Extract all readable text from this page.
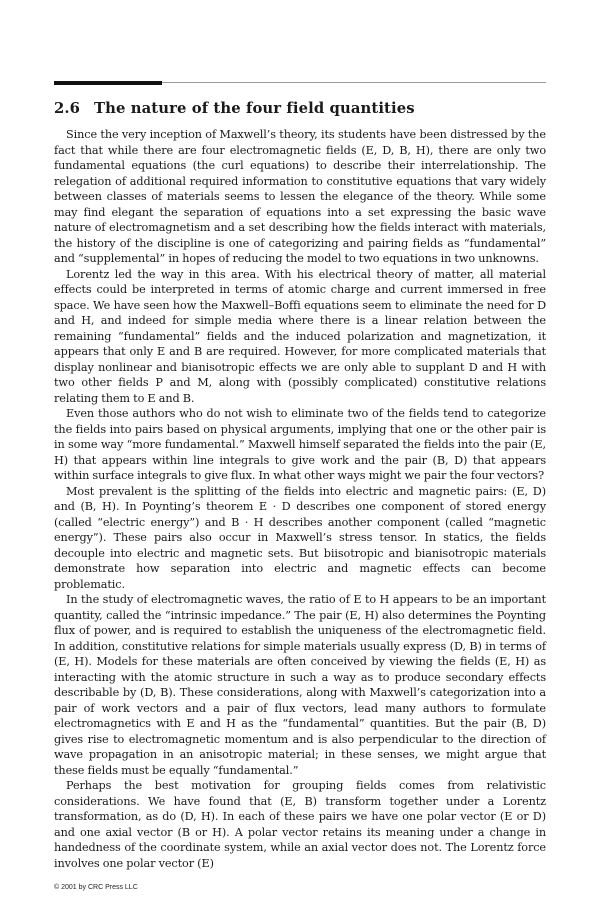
2.6 The nature of the four field quantities

Since the very inception of Maxwell’s theory, its students have been distressed by the fact that while there are four electromagnetic fields (E, D, B, H), there are only two fundamental equations (the curl equations) to describe their interrelationship. The relegation of additional required information to constitutive equations that vary widely between classes of materials seems to lessen the elegance of the theory. While some may find elegant the separation of equations into a set expressing the basic wave nature of electromagnetism and a set describing how the fields interact with materials, the history of the discipline is one of categorizing and pairing fields as “fundamental” and “supplemental” in hopes of reducing the model to two equations in two unknowns.

Lorentz led the way in this area. With his electrical theory of matter, all material effects could be interpreted in terms of atomic charge and current immersed in free space. We have seen how the Maxwell–Boffi equations seem to eliminate the need for D and H, and indeed for simple media where there is a linear relation between the remaining “fundamental” fields and the induced polarization and magnetization, it appears that only E and B are required. However, for more complicated materials that display nonlinear and bianisotropic effects we are only able to supplant D and H with two other fields P and M, along with (possibly complicated) constitutive relations relating them to E and B.

Even those authors who do not wish to eliminate two of the fields tend to categorize the fields into pairs based on physical arguments, implying that one or the other pair is in some way “more fundamental.” Maxwell himself separated the fields into the pair (E, H) that appears within line integrals to give work and the pair (B, D) that appears within surface integrals to give flux. In what other ways might we pair the four vectors?

Most prevalent is the splitting of the fields into electric and magnetic pairs: (E, D) and (B, H). In Poynting’s theorem E · D describes one component of stored energy (called “electric energy”) and B · H describes another component (called “magnetic energy”). These pairs also occur in Maxwell’s stress tensor. In statics, the fields decouple into electric and magnetic sets. But biisotropic and bianisotropic materials demonstrate how separation into electric and magnetic effects can become problematic.

In the study of electromagnetic waves, the ratio of E to H appears to be an important quantity, called the “intrinsic impedance.” The pair (E, H) also determines the Poynting flux of power, and is required to establish the uniqueness of the electromagnetic field. In addition, constitutive relations for simple materials usually express (D, B) in terms of (E, H). Models for these materials are often conceived by viewing the fields (E, H) as interacting with the atomic structure in such a way as to produce secondary effects describable by (D, B). These considerations, along with Maxwell’s categorization into a pair of work vectors and a pair of flux vectors, lead many authors to formulate electromagnetics with E and H as the “fundamental” quantities. But the pair (B, D) gives rise to electromagnetic momentum and is also perpendicular to the direction of wave propagation in an anisotropic material; in these senses, we might argue that these fields must be equally “fundamental.”

Perhaps the best motivation for grouping fields comes from relativistic considerations. We have found that (E, B) transform together under a Lorentz transformation, as do (D, H). In each of these pairs we have one polar vector (E or D) and one axial vector (B or H). A polar vector retains its meaning under a change in handedness of the coordinate system, while an axial vector does not. The Lorentz force involves one polar vector (E)

© 2001 by CRC Press LLC
